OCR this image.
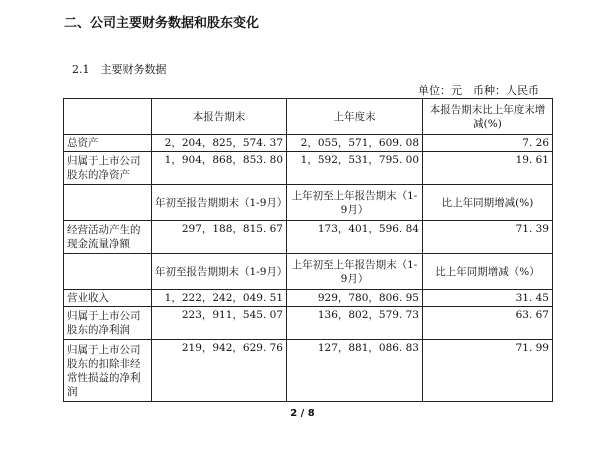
二、公司主要财务数据和股东变化
2.1　主要财务数据
单位：元　币种：人民币
	本报告期末	上年度末	本报告期末比上年度末增减(%)
总资产	2，204，825，574. 37	2，055，571，609. 08	7. 26
归属于上市公司股东的净资产	1，904，868，853. 80	1，592，531，795. 00	19. 61
	年初至报告期期末（1-9月）	上年初至上年报告期末（1-9月）	比上年同期增减(%)
经营活动产生的现金流量净额	297，188，815. 67	173，401，596. 84	71. 39
	年初至报告期期末（1-9月）	上年初至上年报告期末（1-9月）	比上年同期增减（%）
营业收入	1，222，242，049. 51	929，780，806. 95	31. 45
归属于上市公司股东的净利润	223，911，545. 07	136，802，579. 73	63. 67
归属于上市公司股东的扣除非经常性损益的净利润	219，942，629. 76	127，881，086. 83	71. 99
2 / 8
